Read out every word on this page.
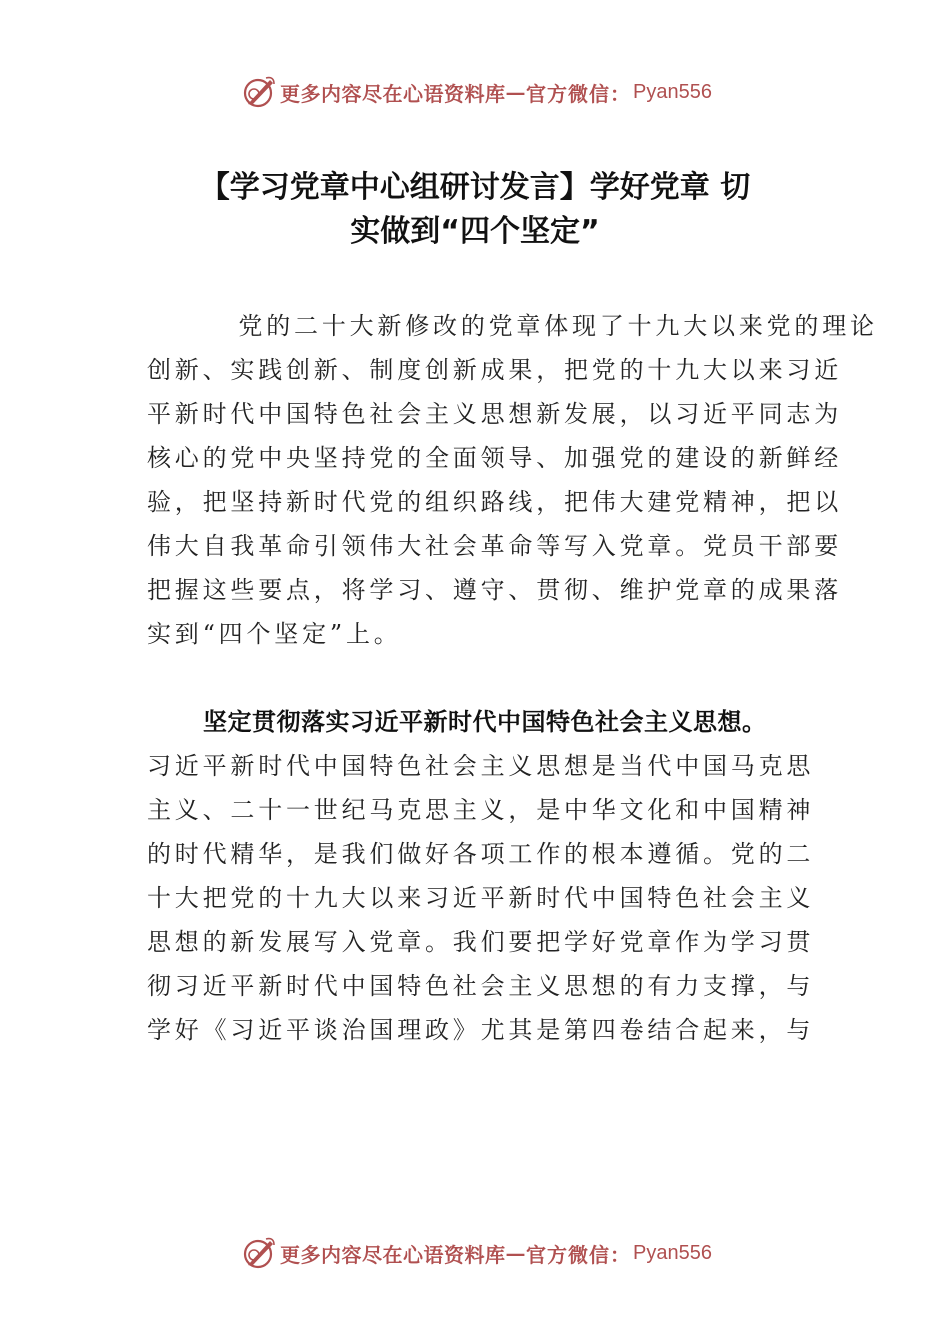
更多内容尽在心语资料库 — 官方微信： Pyan556
【学习党章中心组研讨发言】学好党章 切
实做到“四个坚定”
党的二十大新修改的党章体现了十九大以来党的理论
创新、实践创新、制度创新成果，把党的十九大以来习近
平新时代中国特色社会主义思想新发展，以习近平同志为
核心的党中央坚持党的全面领导、加强党的建设的新鲜经
验，把坚持新时代党的组织路线，把伟大建党精神，把以
伟大自我革命引领伟大社会革命等写入党章。党员干部要
把握这些要点，将学习、遵守、贯彻、维护党章的成果落
实到“四个坚定”上。
坚定贯彻落实习近平新时代中国特色社会主义思想。
习近平新时代中国特色社会主义思想是当代中国马克思
主义、二十一世纪马克思主义，是中华文化和中国精神
的时代精华，是我们做好各项工作的根本遵循。党的二
十大把党的十九大以来习近平新时代中国特色社会主义
思想的新发展写入党章。我们要把学好党章作为学习贯
彻习近平新时代中国特色社会主义思想的有力支撑，与
学好《习近平谈治国理政》尤其是第四卷结合起来，与
更多内容尽在心语资料库 — 官方微信： Pyan556
